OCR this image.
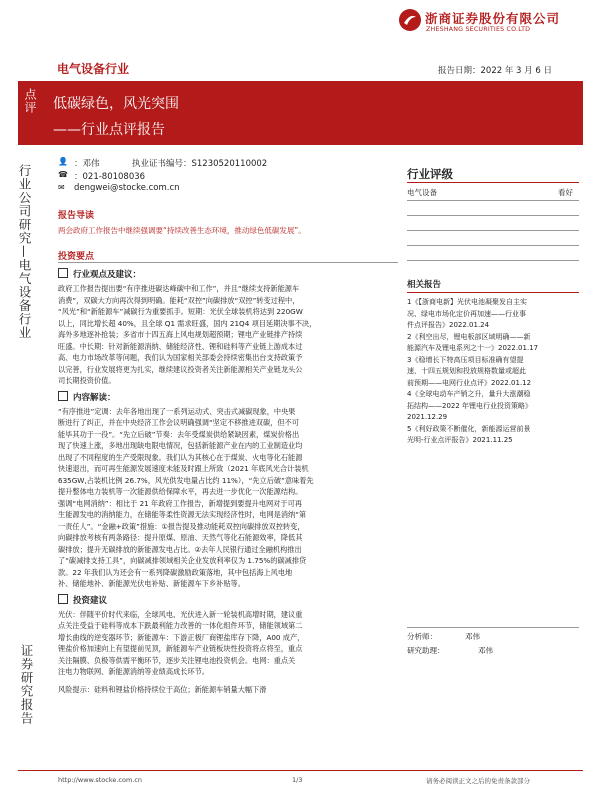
浙商证券股份有限公司
ZHESHANG SECURITIES CO.LTD
电气设备行业	报告日期：2022 年 3 月 6 日
点评 低碳绿色，风光突围
——行业点评报告
行业公司研究—电气设备行业
证券研究报告
👤 ：邓伟	执业证书编号：S1230520110002
☎ ：021-80108036
✉ dengwei@stocke.com.cn
行业评级
电气设备	看好
报告导读
两会政府工作报告中继续强调要“持续改善生态环境，推动绿色低碳发展”。
投资要点
行业观点及建议：
政府工作报告提出要“有序推进碳达峰碳中和工作”，并且“继续支持新能源车
消费”，双碳大方向再次得到明确。能耗“双控”向碳排放“双控”转变过程中，
“风光”和“新能源车”减碳行为重要抓手。短期：光伏全球装机将达到 220GW
以上，同比增长超 40%，且全球 Q1 需求旺盛，国内 21Q4 项目延期决事不决，
海外多地逐补抢装；多省市十四五海上风电规划超预期；锂电产业链排产持续
旺盛。中长期：针对新能源消纳、储能经济性、锂和硅料等产业链上游成本过
高、电力市场改革等问题，我们认为国家相关部委会持续密集出台支持政策予
以完善，行业发展将更为扎实，继续建议投资者关注新能源相关产业链龙头公
司长期投资价值。
内容解读：
“有序推进”定调：去年各地出现了一系列运动式、突击式减碳现象，中央果
断进行了纠正，并在中央经济工作会议明确强调“坚定不移推进双碳，但不可
能毕其功于一役”。“先立后破”节奏：去年受煤炭供给紧缺因素，煤炭价格出
现了快速上涨，多地出现缺电限电情况，包括新能源产业在内的工业制造业均
出现了不同程度的生产受限现象。我们认为其核心在于煤炭、火电等化石能源
快速退出，而可再生能源发展速度未能及时跟上所致（2021 年底风光合计装机
635GW,占装机比例 26.7%，风光供发电量占比约 11%），“先立后破”意味着先
提升整体电力装机等一次能源供给保障水平，再去进一步优化一次能源结构。
强调“电网消纳”：相比于 21 年政府工作报告，新增提到要提升电网对于可再
生能源发电的消纳能力，在储能等柔性资源无法实现经济性时，电网是消纳“第
一责任人”。“金融+政策”措施：①报告提及推动能耗双控向碳排放双控转变，
向碳排放考核有两条路径：提升原煤、原油、天然气等化石能源效率，降低其
碳排放；提升无碳排放的新能源发电占比。②去年人民银行通过全融机构推出
了“碳减排支持工具”，向碳减排领域相关企业发放利率仅为 1.75%的碳减排贷
款。22 年我们认为还会有一系列降碳激励政策落地，其中包括海上风电地
补、储能地补、新能源光伏电补贴、新能源车下乡补贴等。
投资建议
光伏：伴随平价时代来临，全球风电、光伏进入新一轮装机高增时期，建议重
点关注受益于硅料等成本下跌最利能力改善的一体化组件环节，储能领域第二
增长曲线的逆变器环节；新能源车：下游正极厂商锂盐库存下降，A00 成产，
锂盐价格加速向上有望提前见顶，新能源车产业链板块性投资将点将至，重点
关注隔膜、负极等供需平衡环节，逐步关注锂电池投资机会。电网：重点关
注电力物联网、新能源消纳等业绩高成长环节。
风险提示：硅料和锂盐价格持续位于高位；新能源车销量大幅下滑
相关报告
1《【浙商电新】光伏电池凝聚发自主实
况、绿电市场化定价再加速——行业事
件点评报告》2022.01.24
2《利空出尽，锂电板部区域明确——新
能源汽车及锂电系列之十一》2022.01.17
3《稳增长下特高压项目标准确有望提
速，十四五规划和投放规格数量或超此
前预期——电网行业点评》2022.01.12
4《全球电动车产销之升，量升大涨潮稳
拓结构——2022 年锂电行业投资策略》
2021.12.29
5《利好政策不断催化，新能源运营前景
光明-行业点评报告》2021.11.25
分析师：	邓伟
研究助理：	邓伟
http://www.stocke.com.cn	1/3	请务必阅读正文之后的免责条款部分
